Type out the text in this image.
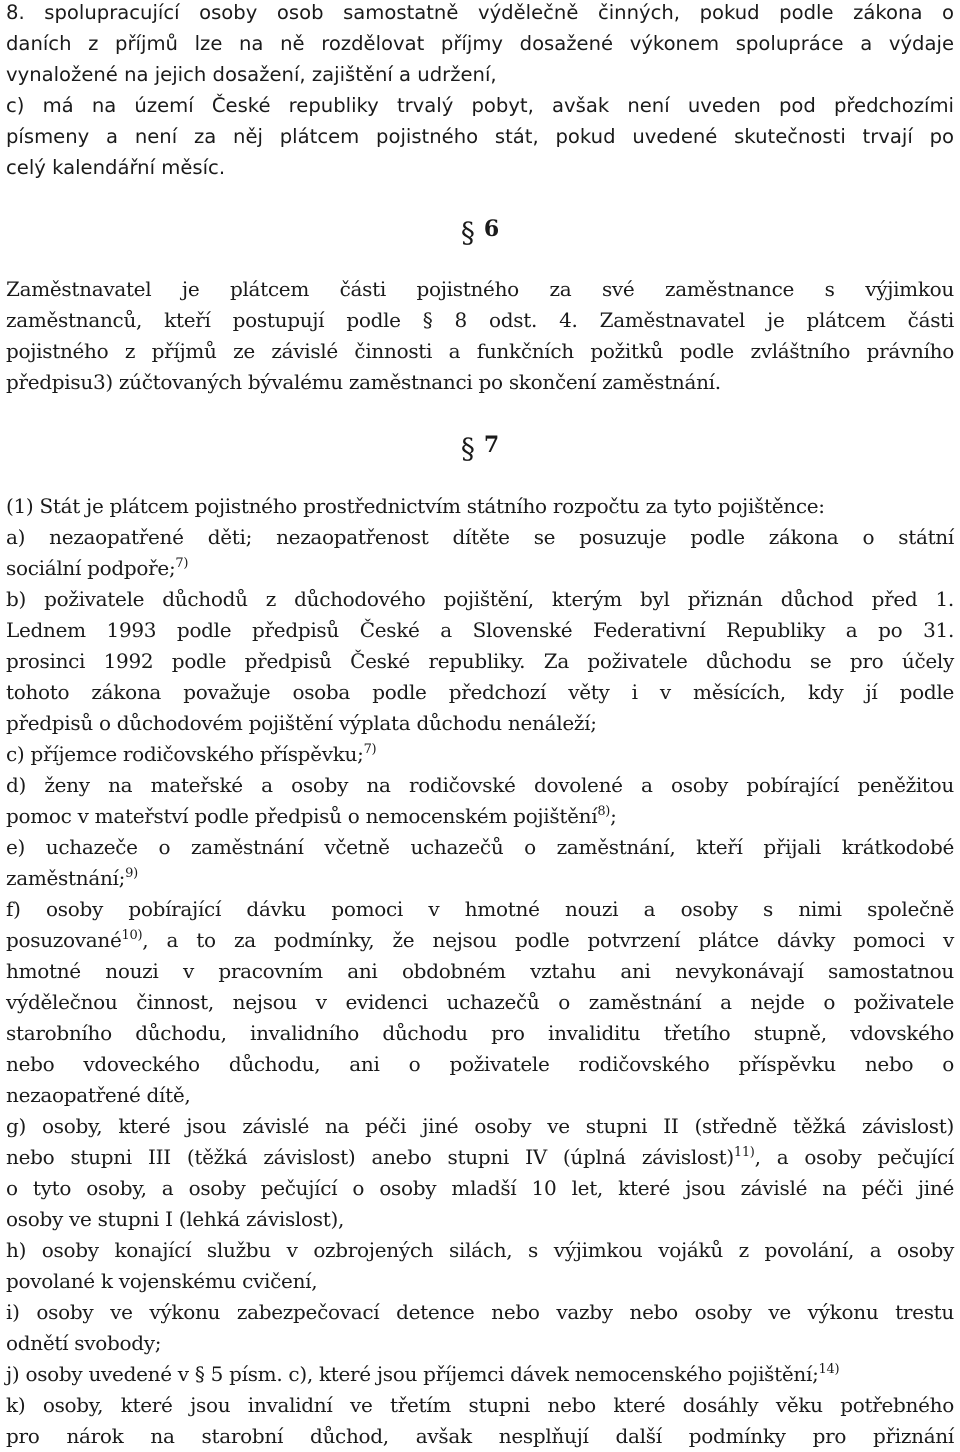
8. spolupracující osoby osob samostatně výdělečně činných, pokud podle zákona o
daních z příjmů lze na ně rozdělovat příjmy dosažené výkonem spolupráce a výdaje
vynaložené na jejich dosažení, zajištění a udržení,
c) má na území České republiky trvalý pobyt, avšak není uveden pod předchozími
písmeny a není za něj plátcem pojistného stát, pokud uvedené skutečnosti trvají po
celý kalendářní měsíc.
§ 6
Zaměstnavatel je plátcem části pojistného za své zaměstnance s výjimkou
zaměstnanců, kteří postupují podle § 8 odst. 4. Zaměstnavatel je plátcem části
pojistného z příjmů ze závislé činnosti a funkčních požitků podle zvláštního právního
předpisu3) zúčtovaných bývalému zaměstnanci po skončení zaměstnání.
§ 7
(1) Stát je plátcem pojistného prostřednictvím státního rozpočtu za tyto pojištěnce:
a) nezaopatřené děti; nezaopatřenost dítěte se posuzuje podle zákona o státní
sociální podpoře;$^{7)}$
b) poživatele důchodů z důchodového pojištění, kterým byl přiznán důchod před 1.
Lednem 1993 podle předpisů České a Slovenské Federativní Republiky a po 31.
prosinci 1992 podle předpisů České republiky. Za poživatele důchodu se pro účely
tohoto zákona považuje osoba podle předchozí věty i v měsících, kdy jí podle
předpisů o důchodovém pojištění výplata důchodu nenáleží;
c) příjemce rodičovského příspěvku;$^{7)}$
d) ženy na mateřské a osoby na rodičovské dovolené a osoby pobírající peněžitou
pomoc v mateřství podle předpisů o nemocenském pojištění$^{8)}$;
e) uchazeče o zaměstnání včetně uchazečů o zaměstnání, kteří přijali krátkodobé
zaměstnání;$^{9)}$
f) osoby pobírající dávku pomoci v hmotné nouzi a osoby s nimi společně
posuzované$^{10)}$, a to za podmínky, že nejsou podle potvrzení plátce dávky pomoci v
hmotné nouzi v pracovním ani obdobném vztahu ani nevykonávají samostatnou
výdělečnou činnost, nejsou v evidenci uchazečů o zaměstnání a nejde o poživatele
starobního důchodu, invalidního důchodu pro invaliditu třetího stupně, vdovského
nebo vdoveckého důchodu, ani o poživatele rodičovského příspěvku nebo o
nezaopatřené dítě,
g) osoby, které jsou závislé na péči jiné osoby ve stupni II (středně těžká závislost)
nebo stupni III (těžká závislost) anebo stupni IV (úplná závislost)$^{11)}$, a osoby pečující
o tyto osoby, a osoby pečující o osoby mladší 10 let, které jsou závislé na péči jiné
osoby ve stupni I (lehká závislost),
h) osoby konající službu v ozbrojených silách, s výjimkou vojáků z povolání, a osoby
povolané k vojenskému cvičení,
i) osoby ve výkonu zabezpečovací detence nebo vazby nebo osoby ve výkonu trestu
odnětí svobody;
j) osoby uvedené v § 5 písm. c), které jsou příjemci dávek nemocenského pojištění;$^{14)}$
k) osoby, které jsou invalidní ve třetím stupni nebo které dosáhly věku potřebného
pro nárok na starobní důchod, avšak nesplňují další podmínky pro přiznání
